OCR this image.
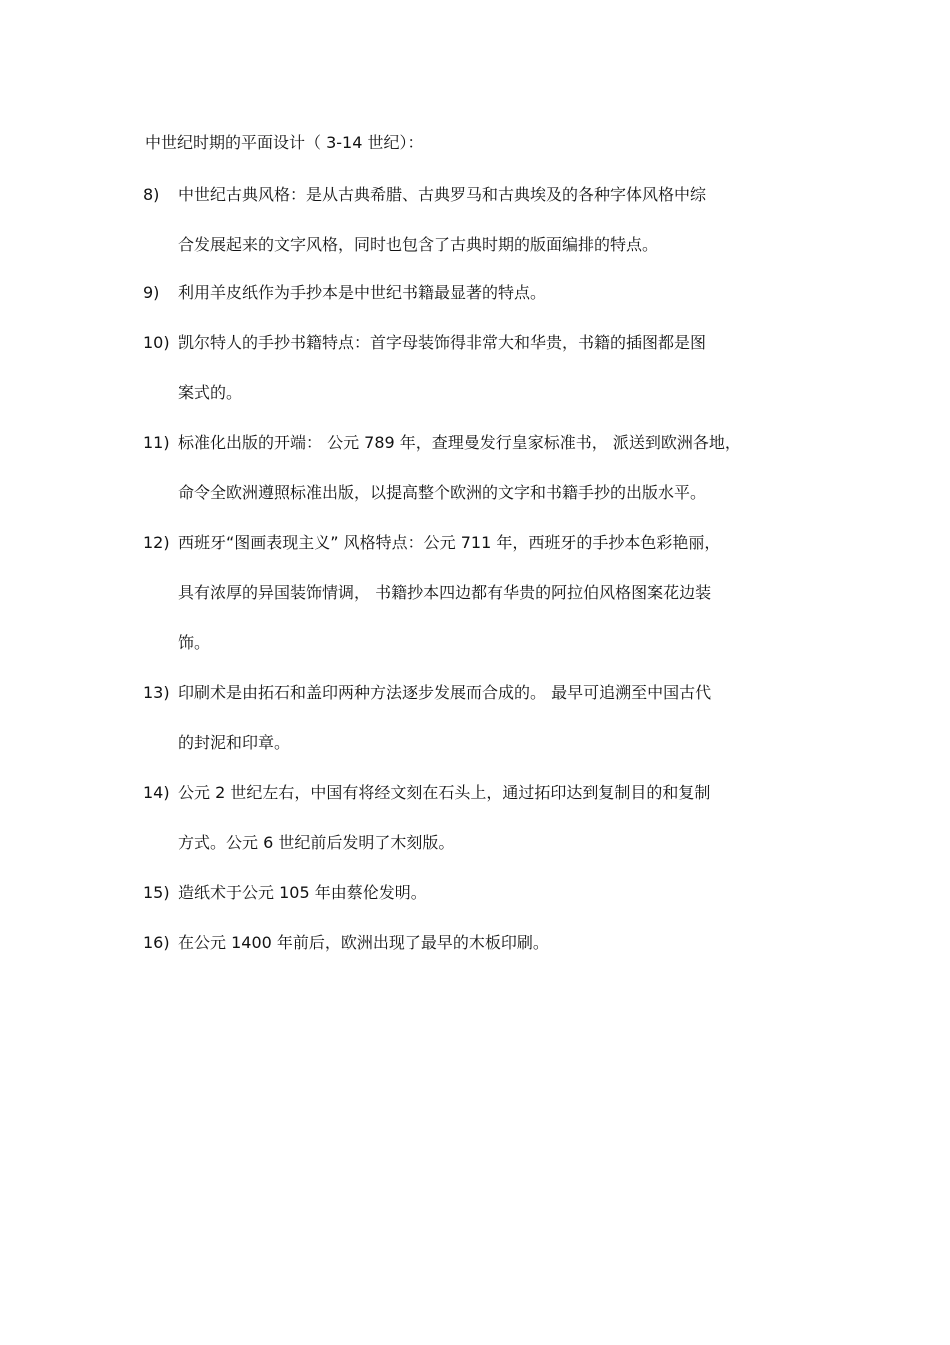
中世纪时期的平面设计（ 3-14 世纪）：
8) 中世纪古典风格：是从古典希腊、古典罗马和古典埃及的各种字体风格中综
合发展起来的文字风格，同时也包含了古典时期的版面编排的特点。
9) 利用羊皮纸作为手抄本是中世纪书籍最显著的特点。
10) 凯尔特人的手抄书籍特点：首字母装饰得非常大和华贵，书籍的插图都是图
案式的。
11) 标准化出版的开端： 公元 789 年，查理曼发行皇家标准书， 派送到欧洲各地，
命令全欧洲遵照标准出版，以提高整个欧洲的文字和书籍手抄的出版水平。
12) 西班牙“图画表现主义” 风格特点：公元 711 年，西班牙的手抄本色彩艳丽，
具有浓厚的异国装饰情调， 书籍抄本四边都有华贵的阿拉伯风格图案花边装
饰。
13) 印刷术是由拓石和盖印两种方法逐步发展而合成的。 最早可追溯至中国古代
的封泥和印章。
14) 公元 2 世纪左右，中国有将经文刻在石头上，通过拓印达到复制目的和复制
方式。公元 6 世纪前后发明了木刻版。
15) 造纸术于公元 105 年由蔡伦发明。
16) 在公元 1400 年前后，欧洲出现了最早的木板印刷。
